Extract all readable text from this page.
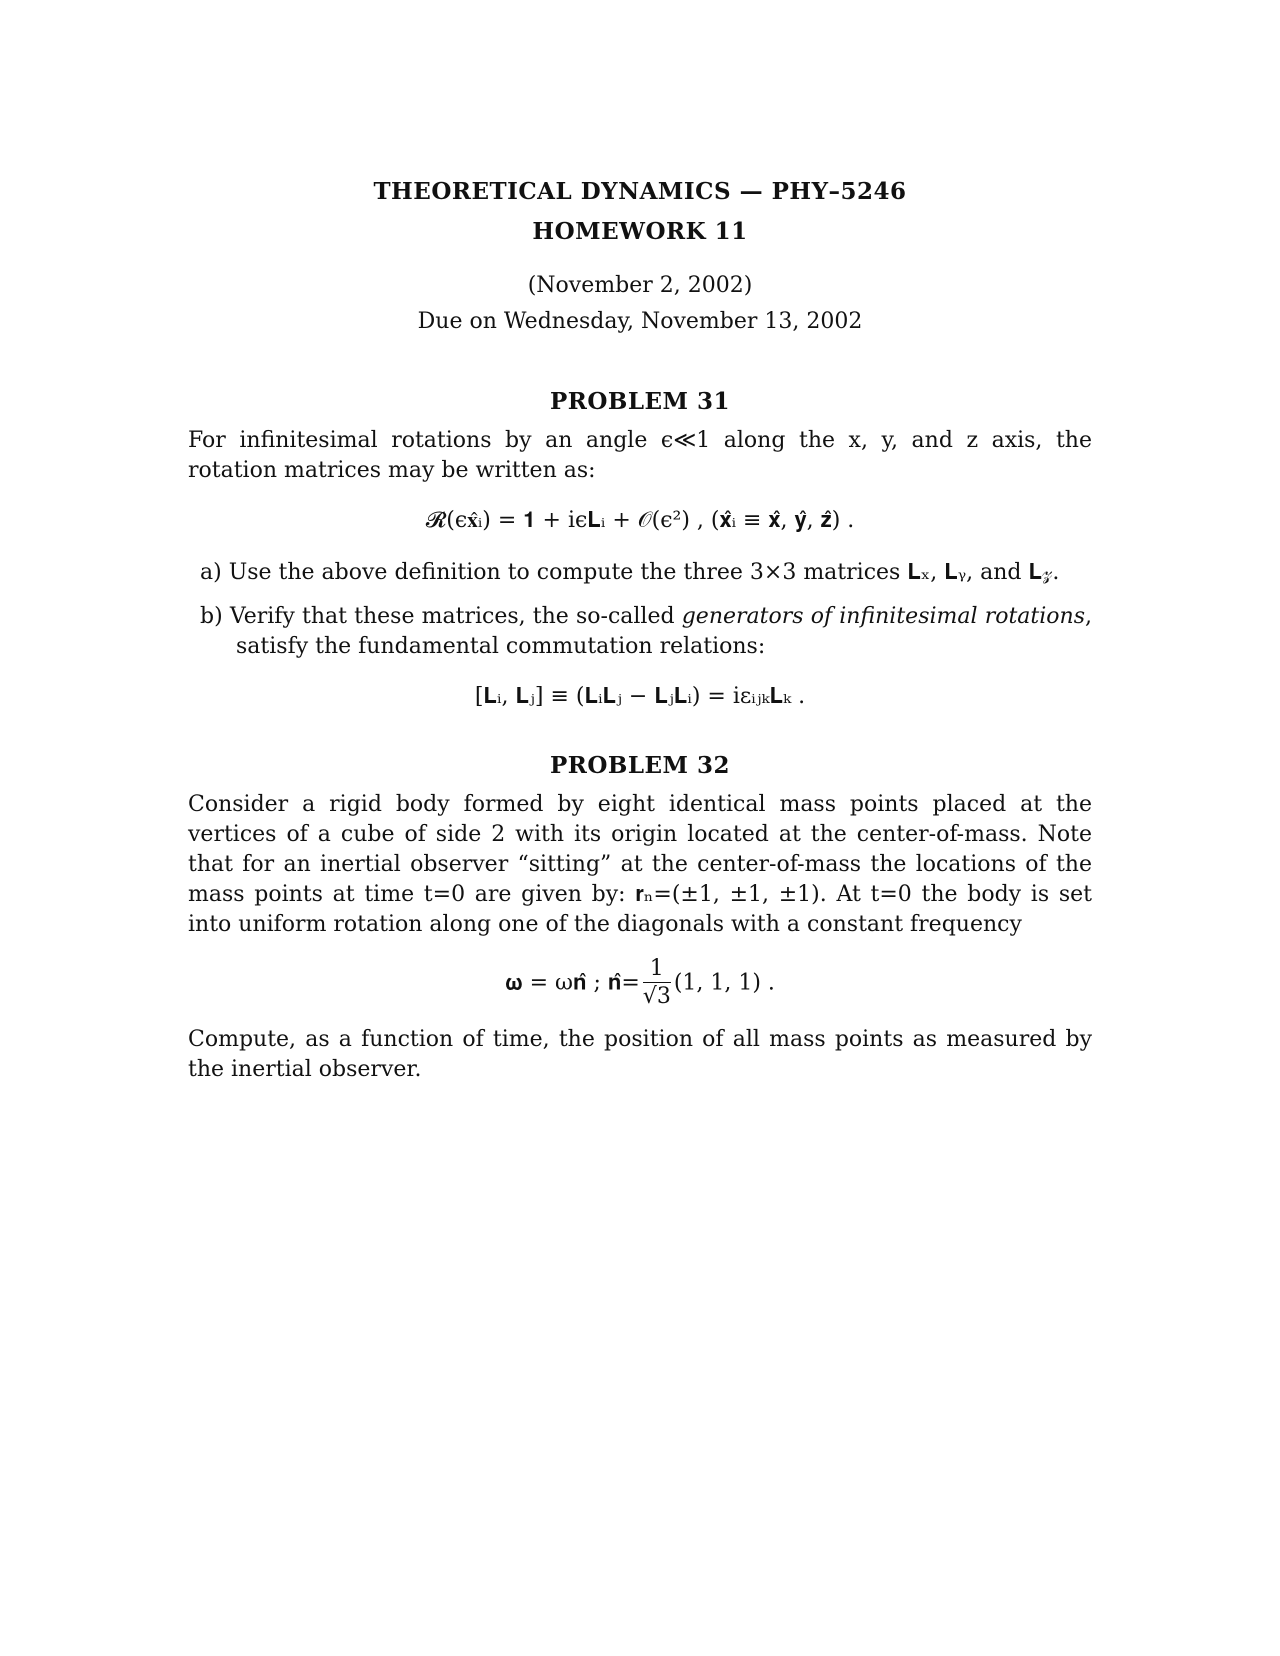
THEORETICAL DYNAMICS — PHY–5246
HOMEWORK 11
(November 2, 2002)
Due on Wednesday, November 13, 2002
PROBLEM 31
For infinitesimal rotations by an angle ϵ≪1 along the x, y, and z axis, the rotation matrices may be written as:
𝓡(ϵ𝐱̂ᵢ) = 𝟏 + iϵ𝐋ᵢ + 𝒪(ϵ²) , (𝐱̂ᵢ ≡ 𝐱̂, 𝐲̂, 𝐳̂) .
a) Use the above definition to compute the three 3×3 matrices 𝐋ₓ, 𝐋ᵧ, and 𝐋𝓏.
b) Verify that these matrices, the so-called generators of infinitesimal rotations, satisfy the fundamental commutation relations:
[𝐋ᵢ, 𝐋ⱼ] ≡ (𝐋ᵢ𝐋ⱼ − 𝐋ⱼ𝐋ᵢ) = iεᵢⱼₖ𝐋ₖ .
PROBLEM 32
Consider a rigid body formed by eight identical mass points placed at the vertices of a cube of side 2 with its origin located at the center-of-mass. Note that for an inertial observer “sitting” at the center-of-mass the locations of the mass points at time t=0 are given by: 𝐫ₙ=(±1, ±1, ±1). At t=0 the body is set into uniform rotation along one of the diagonals with a constant frequency
𝛚 = ω𝐧̂ ; 𝐧̂= $\frac{1}{√3} (1$, 1, 1) .
Compute, as a function of time, the position of all mass points as measured by the inertial observer.
